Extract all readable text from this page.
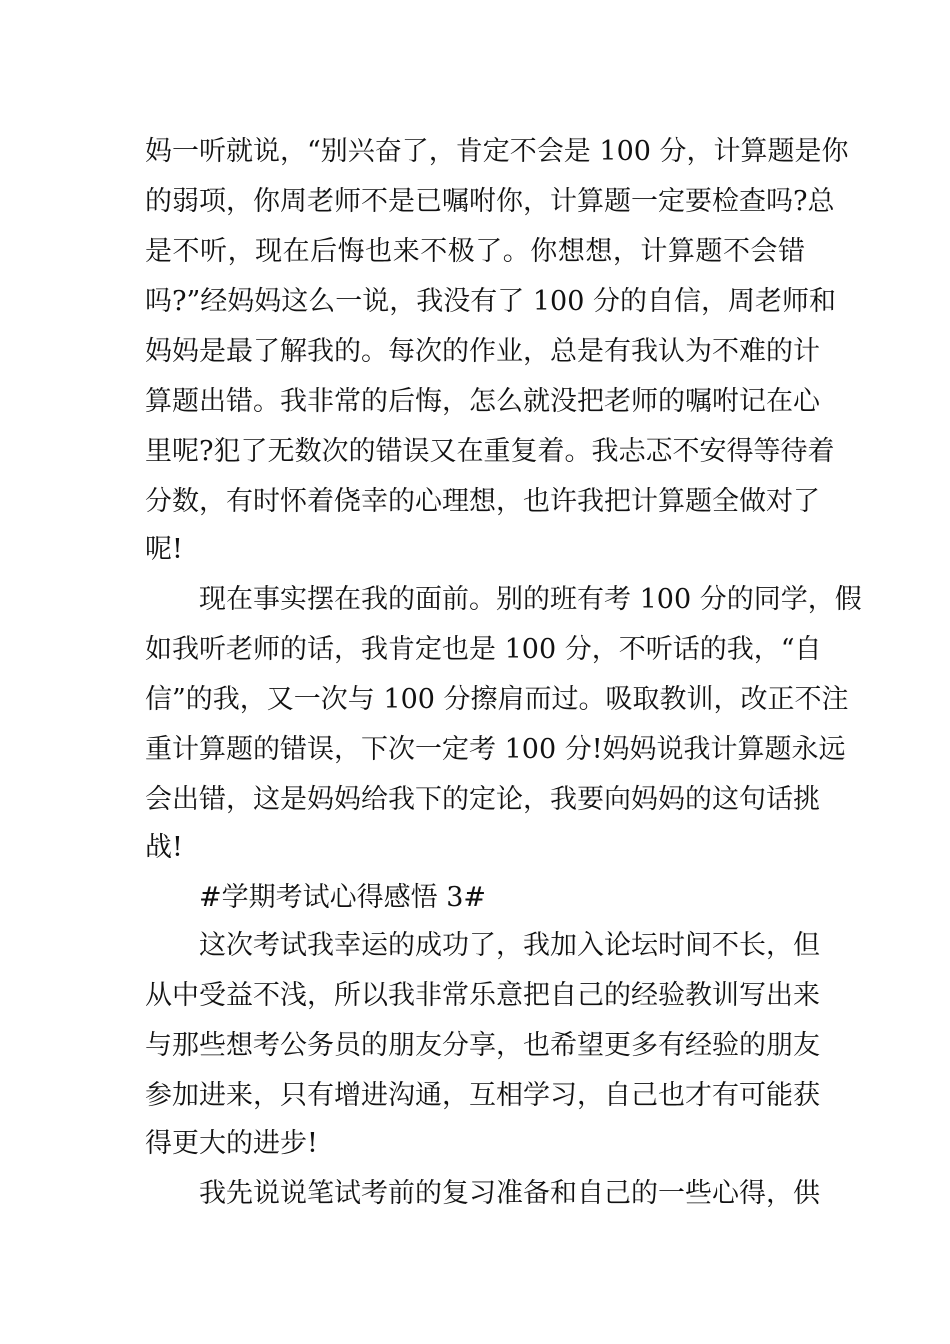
妈一听就说，“别兴奋了，肯定不会是 100 分，计算题是你
的弱项，你周老师不是已嘱咐你，计算题一定要检查吗?总
是不听，现在后悔也来不极了。你想想，计算题不会错
吗?”经妈妈这么一说，我没有了 100 分的自信，周老师和
妈妈是最了解我的。每次的作业，总是有我认为不难的计
算题出错。我非常的后悔，怎么就没把老师的嘱咐记在心
里呢?犯了无数次的错误又在重复着。我忐忑不安得等待着
分数，有时怀着侥幸的心理想，也许我把计算题全做对了
呢!
现在事实摆在我的面前。别的班有考 100 分的同学，假
如我听老师的话，我肯定也是 100 分，不听话的我，“自
信”的我，又一次与 100 分擦肩而过。吸取教训，改正不注
重计算题的错误，下次一定考 100 分!妈妈说我计算题永远
会出错，这是妈妈给我下的定论，我要向妈妈的这句话挑
战!
#学期考试心得感悟 3#
这次考试我幸运的成功了，我加入论坛时间不长，但
从中受益不浅，所以我非常乐意把自己的经验教训写出来
与那些想考公务员的朋友分享，也希望更多有经验的朋友
参加进来，只有增进沟通，互相学习，自己也才有可能获
得更大的进步!
我先说说笔试考前的复习准备和自己的一些心得，供
